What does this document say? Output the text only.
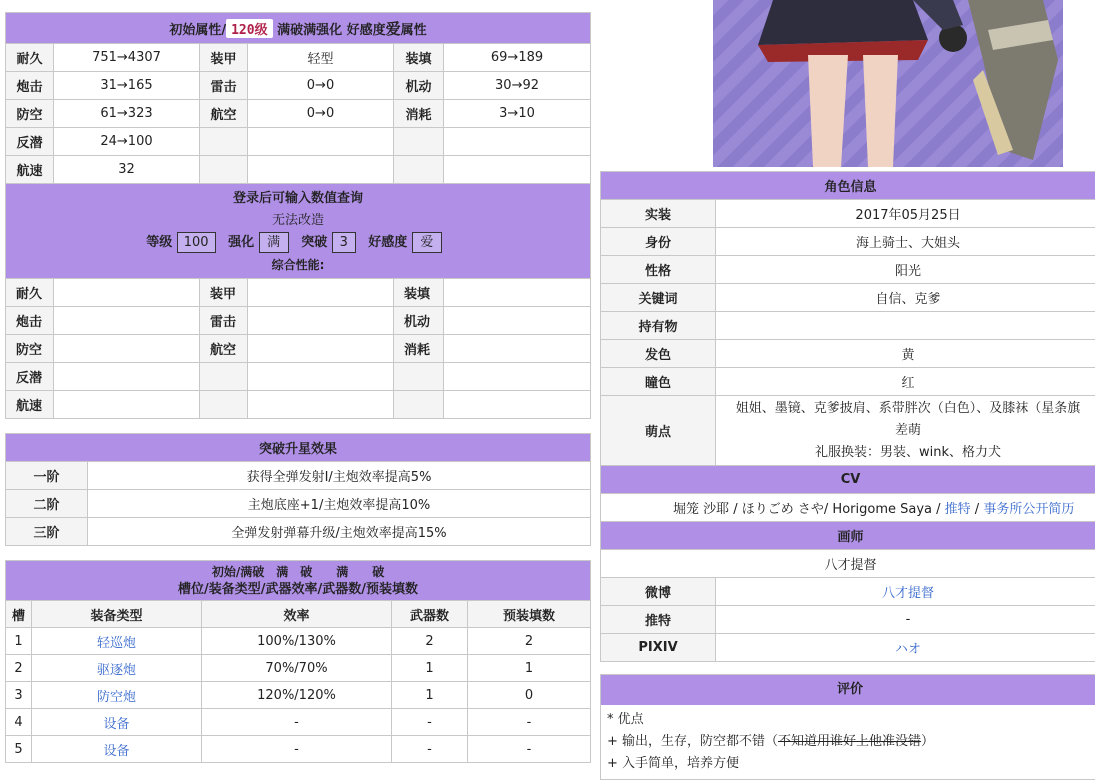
初始属性/ 120级 满破满强化 好感度爱属性					
耐久	751→4307	装甲	轻型	装填	69→189
炮击	31→165	雷击	0→0	机动	30→92
防空	61→323	航空	0→0	消耗	3→10
反潜	24→100				
航速	32				

登录后可输入数值查询
无法改造
等级 100 强化 满 突破 3 好感度 爱
综合性能:					

耐久		装甲		装填	
炮击		雷击		机动	
防空		航空		消耗	
反潜					
航速					
突破升星效果	
一阶	获得全弹发射I/主炮效率提高5%
二阶	主炮底座+1/主炮效率提高10%
三阶	全弹发射弹幕升级/主炮效率提高15%
初始/满破　满　破　　满　　破
槽位/装备类型/武器效率/武器数/预装填数				

槽	装备类型	效率	武器数	预装填数
1	轻巡炮	100%/130%	2	2
2	驱逐炮	70%/70%	1	1
3	防空炮	120%/120%	1	0
4	设备	-	-	-
5	设备	-	-	-
角色信息	
实装	2017年05月25日
身份	海上骑士、大姐头
性格	阳光
关键词	自信、克爹
持有物	
发色	黄
瞳色	红
萌点	姐姐、墨镜、克爹披肩、系带胖次（白色）、及膝袜（星条旗
差萌
礼服换装：男装、wink、格力犬

CV	
堀笼 沙耶 / ほりごめ さや/ Horigome Saya / 推特 / 事务所公开简历	
画师	
八才提督	
微博	八才提督
推特	-
PIXIV	ハオ
评价
* 优点
+ 输出，生存，防空都不错（不知道用谁好上他准没错）
+ 入手简单，培养方便
